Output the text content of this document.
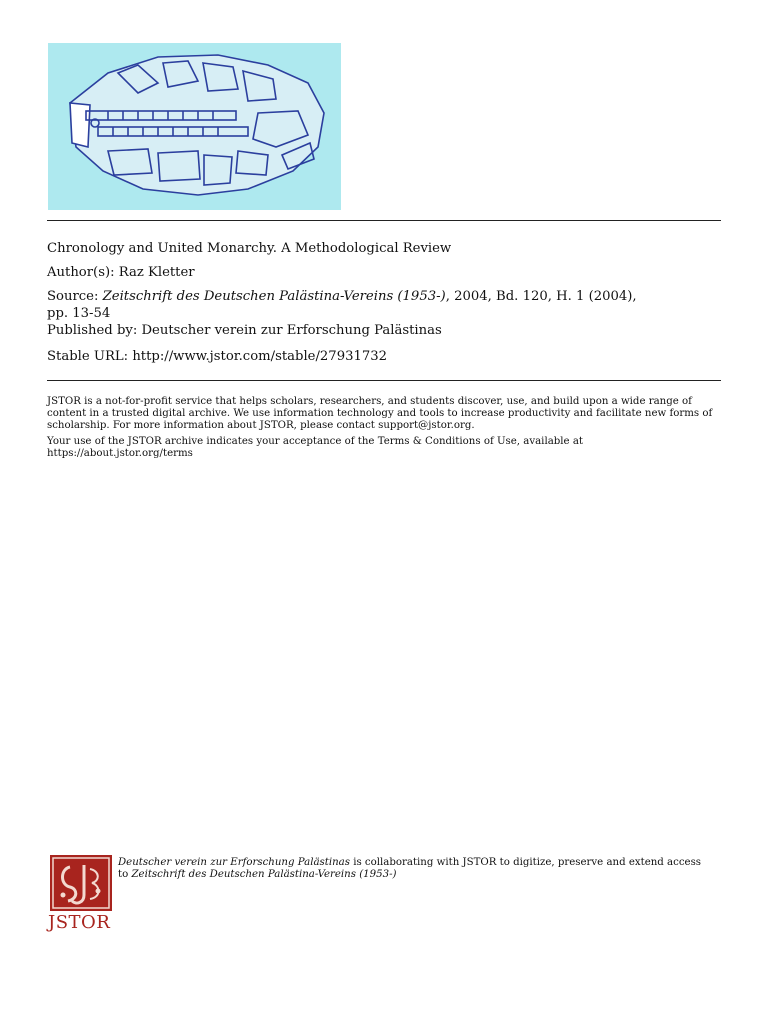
Chronology and United Monarchy. A Methodological Review
Author(s): Raz Kletter
Source: Zeitschrift des Deutschen Palästina-Vereins (1953-), 2004, Bd. 120, H. 1 (2004),
pp. 13-54
Published by: Deutscher verein zur Erforschung Palästinas
Stable URL: http://www.jstor.com/stable/27931732
JSTOR is a not-for-profit service that helps scholars, researchers, and students discover, use, and build upon a wide range of content in a trusted digital archive. We use information technology and tools to increase productivity and facilitate new forms of scholarship. For more information about JSTOR, please contact support@jstor.org.
Your use of the JSTOR archive indicates your acceptance of the Terms & Conditions of Use, available at https://about.jstor.org/terms
JSTOR
Deutscher verein zur Erforschung Palästinas is collaborating with JSTOR to digitize, preserve and extend access to Zeitschrift des Deutschen Palästina-Vereins (1953-)
